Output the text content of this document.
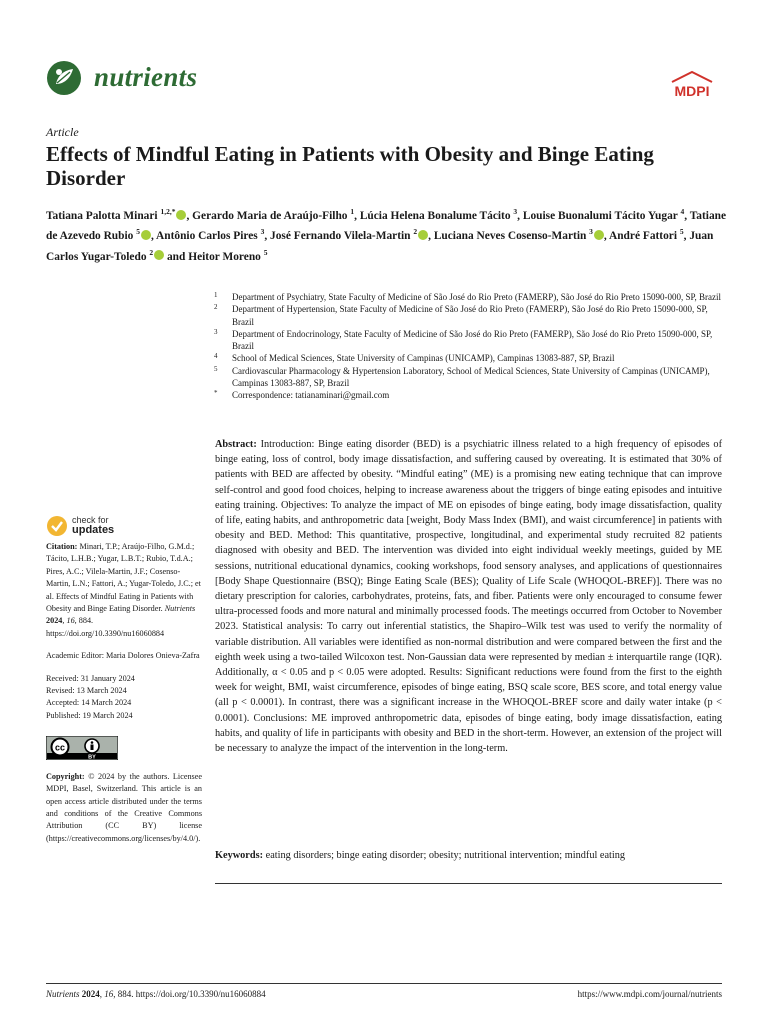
nutrients	MDPI
Article
Effects of Mindful Eating in Patients with Obesity and Binge Eating Disorder
Tatiana Palotta Minari $^{1,2,*}$ , Gerardo Maria de Araújo-Filho $^1$, Lúcia Helena Bonalume Tácito $^3$, Louise Buonalumi Tácito Yugar $^4$, Tatiane de Azevedo Rubio $^5$ , Antônio Carlos Pires $^3$, José Fernando Vilela-Martin $^2$ , Luciana Neves Cosenso-Martin $^3$ , André Fattori $^5$, Juan Carlos Yugar-Toledo $^2$ and Heitor Moreno $^5$
1 Department of Psychiatry, State Faculty of Medicine of São José do Rio Preto (FAMERP), São José do Rio Preto 15090-000, SP, Brazil
2 Department of Hypertension, State Faculty of Medicine of São José do Rio Preto (FAMERP), São José do Rio Preto 15090-000, SP, Brazil
3 Department of Endocrinology, State Faculty of Medicine of São José do Rio Preto (FAMERP), São José do Rio Preto 15090-000, SP, Brazil
4 School of Medical Sciences, State University of Campinas (UNICAMP), Campinas 13083-887, SP, Brazil
5 Cardiovascular Pharmacology & Hypertension Laboratory, School of Medical Sciences, State University of Campinas (UNICAMP), Campinas 13083-887, SP, Brazil
* Correspondence: tatianaminari@gmail.com
Abstract: Introduction: Binge eating disorder (BED) is a psychiatric illness related to a high frequency of episodes of binge eating, loss of control, body image dissatisfaction, and suffering caused by overeating. It is estimated that 30% of patients with BED are affected by obesity. “Mindful eating” (ME) is a promising new eating technique that can improve self-control and good food choices, helping to increase awareness about the triggers of binge eating episodes and intuitive eating training. Objectives: To analyze the impact of ME on episodes of binge eating, body image dissatisfaction, quality of life, eating habits, and anthropometric data [weight, Body Mass Index (BMI), and waist circumference] in patients with obesity and BED. Method: This quantitative, prospective, longitudinal, and experimental study recruited 82 patients diagnosed with obesity and BED. The intervention was divided into eight individual weekly meetings, guided by ME sessions, nutritional educational dynamics, cooking workshops, food sensory analyses, and applications of questionnaires [Body Shape Questionnaire (BSQ); Binge Eating Scale (BES); Quality of Life Scale (WHOQOL-BREF)]. There was no dietary prescription for calories, carbohydrates, proteins, fats, and fiber. Patients were only encouraged to consume fewer ultra-processed foods and more natural and minimally processed foods. The meetings occurred from October to November 2023. Statistical analysis: To carry out inferential statistics, the Shapiro–Wilk test was used to verify the normality of variable distribution. All variables were identified as non-normal distribution and were compared between the first and the eighth week using a two-tailed Wilcoxon test. Non-Gaussian data were represented by median ± interquartile range (IQR). Additionally, α < 0.05 and p < 0.05 were adopted. Results: Significant reductions were found from the first to the eighth week for weight, BMI, waist circumference, episodes of binge eating, BSQ scale score, BES score, and total energy value (all p < 0.0001). In contrast, there was a significant increase in the WHOQOL-BREF score and daily water intake (p < 0.0001). Conclusions: ME improved anthropometric data, episodes of binge eating, body image dissatisfaction, eating habits, and quality of life in participants with obesity and BED in the short-term. However, an extension of the project will be necessary to analyze the impact of the intervention in the long-term.
Keywords: eating disorders; binge eating disorder; obesity; nutritional intervention; mindful eating
check for
updates
Citation: Minari, T.P.; Araújo-Filho, G.M.d.; Tácito, L.H.B.; Yugar, L.B.T.; Rubio, T.d.A.; Pires, A.C.; Vilela-Martin, J.F.; Cosenso-Martin, L.N.; Fattori, A.; Yugar-Toledo, J.C.; et al. Effects of Mindful Eating in Patients with Obesity and Binge Eating Disorder. Nutrients 2024, 16, 884. https://doi.org/10.3390/nu16060884
Academic Editor: Maria Dolores Onieva-Zafra
Received: 31 January 2024
Revised: 13 March 2024
Accepted: 14 March 2024
Published: 19 March 2024
cc
BY
Copyright: © 2024 by the authors. Licensee MDPI, Basel, Switzerland. This article is an open access article distributed under the terms and conditions of the Creative Commons Attribution (CC BY) license (https://creativecommons.org/licenses/by/4.0/).
Nutrients 2024, 16, 884. https://doi.org/10.3390/nu16060884	https://www.mdpi.com/journal/nutrients
